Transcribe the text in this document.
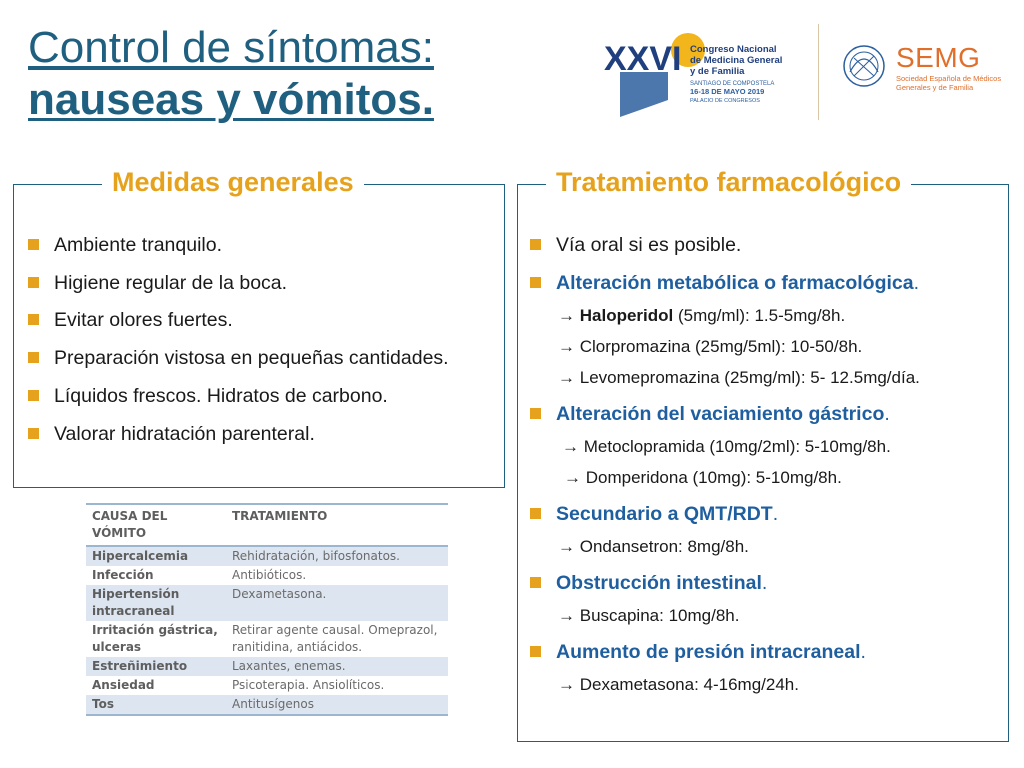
Control de síntomas:
nauseas y vómitos.
XXVI Congreso Nacional
de Medicina General
y de Familia
SANTIAGO DE COMPOSTELA
16-18 DE MAYO 2019
PALACIO DE CONGRESOS
SEMG
Sociedad Española de Médicos
Generales y de Familia
Medidas generales
Ambiente tranquilo.
Higiene regular de la boca.
Evitar olores fuertes.
Preparación vistosa en pequeñas cantidades.
Líquidos frescos. Hidratos de carbono.
Valorar hidratación parenteral.
Tratamiento farmacológico
Vía oral si es posible.
Alteración metabólica o farmacológica.
→ Haloperidol (5mg/ml): 1.5-5mg/8h.
→ Clorpromazina (25mg/5ml): 10-50/8h.
→ Levomepromazina (25mg/ml): 5- 12.5mg/día.
Alteración del vaciamiento gástrico.
→ Metoclopramida (10mg/2ml): 5-10mg/8h.
→ Domperidona (10mg): 5-10mg/8h.
Secundario a QMT/RDT.
→ Ondansetron: 8mg/8h.
Obstrucción intestinal.
→ Buscapina: 10mg/8h.
Aumento de presión intracraneal.
→ Dexametasona: 4-16mg/24h.
CAUSA DEL VÓMITO	TRATAMIENTO
Hipercalcemia	Rehidratación, bifosfonatos.
Infección	Antibióticos.
Hipertensión intracraneal	Dexametasona.
Irritación gástrica, ulceras	Retirar agente causal. Omeprazol, ranitidina, antiácidos.
Estreñimiento	Laxantes, enemas.
Ansiedad	Psicoterapia. Ansiolíticos.
Tos	Antitusígenos
